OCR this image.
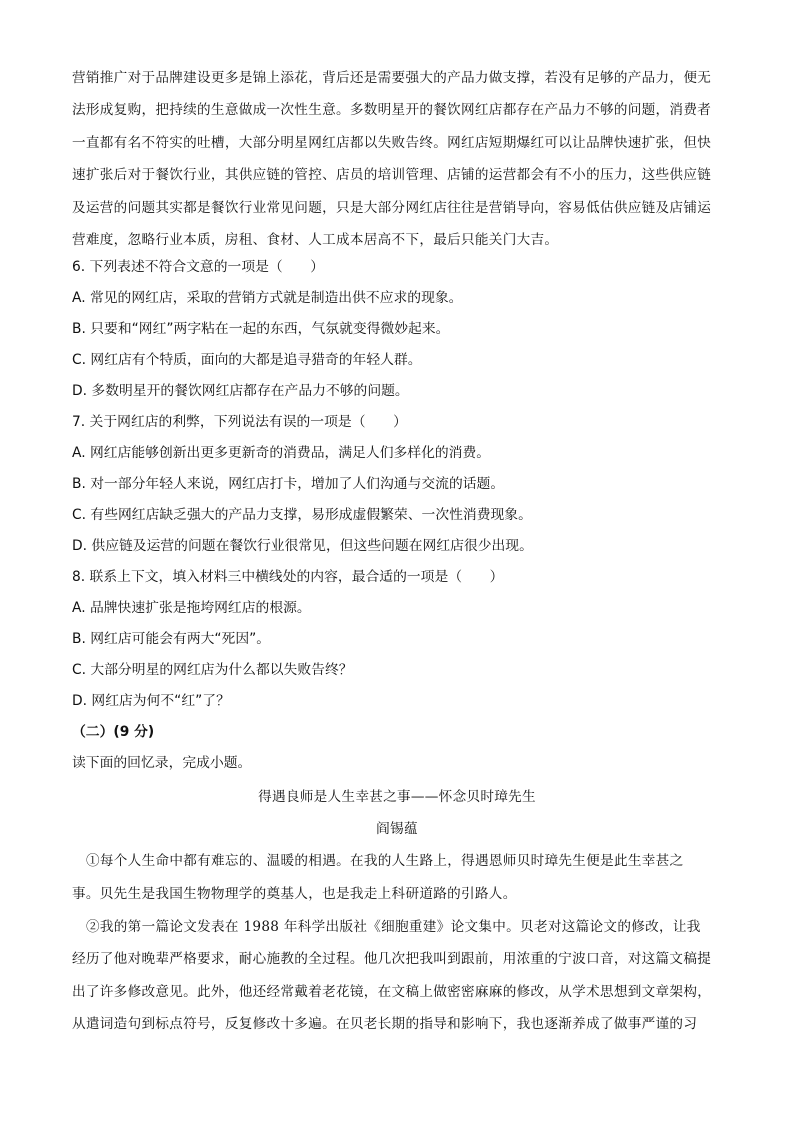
营销推广对于品牌建设更多是锦上添花，背后还是需要强大的产品力做支撑，若没有足够的产品力，便无

法形成复购，把持续的生意做成一次性生意。多数明星开的餐饮网红店都存在产品力不够的问题，消费者

一直都有名不符实的吐槽，大部分明星网红店都以失败告终。网红店短期爆红可以让品牌快速扩张，但快

速扩张后对于餐饮行业，其供应链的管控、店员的培训管理、店铺的运营都会有不小的压力，这些供应链

及运营的问题其实都是餐饮行业常见问题，只是大部分网红店往往是营销导向，容易低估供应链及店铺运

营难度，忽略行业本质，房租、食材、人工成本居高不下，最后只能关门大吉。

6. 下列表述不符合文意的一项是（　　）

A. 常见的网红店，采取的营销方式就是制造出供不应求的现象。

B. 只要和“网红”两字粘在一起的东西，气氛就变得微妙起来。

C. 网红店有个特质，面向的大都是追寻猎奇的年轻人群。

D. 多数明星开的餐饮网红店都存在产品力不够的问题。

7. 关于网红店的利弊，下列说法有误的一项是（　　）

A. 网红店能够创新出更多更新奇的消费品，满足人们多样化的消费。

B. 对一部分年轻人来说，网红店打卡，增加了人们沟通与交流的话题。

C. 有些网红店缺乏强大的产品力支撑，易形成虚假繁荣、一次性消费现象。

D. 供应链及运营的问题在餐饮行业很常见，但这些问题在网红店很少出现。

8. 联系上下文，填入材料三中横线处的内容，最合适的一项是（　　）

A. 品牌快速扩张是拖垮网红店的根源。

B. 网红店可能会有两大“死因”。

C. 大部分明星的网红店为什么都以失败告终？

D. 网红店为何不“红”了？

（二）(9 分)

读下面的回忆录，完成小题。

得遇良师是人生幸甚之事——怀念贝时璋先生

阎锡蕴

①每个人生命中都有难忘的、温暖的相遇。在我的人生路上，得遇恩师贝时璋先生便是此生幸甚之

事。贝先生是我国生物物理学的奠基人，也是我走上科研道路的引路人。

②我的第一篇论文发表在 1988 年科学出版社《细胞重建》论文集中。贝老对这篇论文的修改，让我

经历了他对晚辈严格要求，耐心施教的全过程。他几次把我叫到跟前，用浓重的宁波口音，对这篇文稿提

出了许多修改意见。此外，他还经常戴着老花镜，在文稿上做密密麻麻的修改，从学术思想到文章架构，

从遣词造句到标点符号，反复修改十多遍。在贝老长期的指导和影响下，我也逐渐养成了做事严谨的习
